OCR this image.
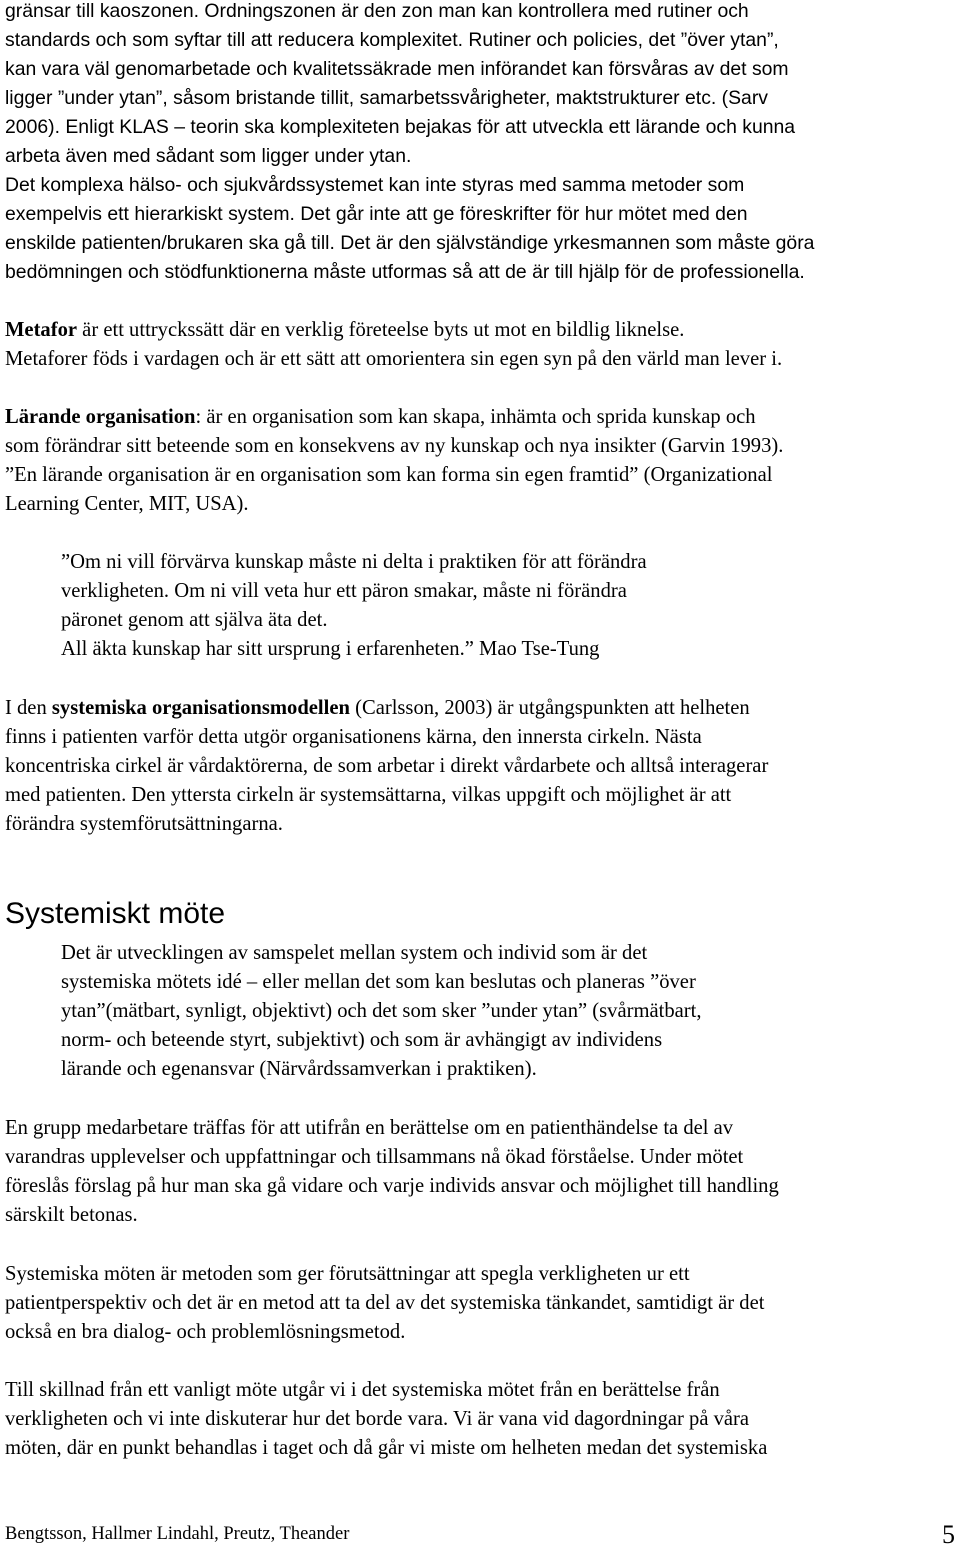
gränsar till kaoszonen. Ordningszonen är den zon man kan kontrollera med rutiner och
standards och som syftar till att reducera komplexitet. Rutiner och policies, det ”över ytan”,
kan vara väl genomarbetade och kvalitetssäkrade men införandet kan försvåras av det som
ligger ”under ytan”, såsom bristande tillit, samarbetssvårigheter, maktstrukturer etc. (Sarv
2006). Enligt KLAS – teorin ska komplexiteten bejakas för att utveckla ett lärande och kunna
arbeta även med sådant som ligger under ytan.
Det komplexa hälso- och sjukvårdssystemet kan inte styras med samma metoder som
exempelvis ett hierarkiskt system. Det går inte att ge föreskrifter för hur mötet med den
enskilde patienten/brukaren ska gå till. Det är den självständige yrkesmannen som måste göra
bedömningen och stödfunktionerna måste utformas så att de är till hjälp för de professionella.
Metafor är ett uttryckssätt där en verklig företeelse byts ut mot en bildlig liknelse.
Metaforer föds i vardagen och är ett sätt att omorientera sin egen syn på den värld man lever i.
Lärande organisation: är en organisation som kan skapa, inhämta och sprida kunskap och
som förändrar sitt beteende som en konsekvens av ny kunskap och nya insikter (Garvin 1993).
”En lärande organisation är en organisation som kan forma sin egen framtid” (Organizational
Learning Center, MIT, USA).
”Om ni vill förvärva kunskap måste ni delta i praktiken för att förändra
verkligheten. Om ni vill veta hur ett päron smakar, måste ni förändra
päronet genom att själva äta det.
All äkta kunskap har sitt ursprung i erfarenheten.” Mao Tse-Tung
I den systemiska organisationsmodellen (Carlsson, 2003) är utgångspunkten att helheten
finns i patienten varför detta utgör organisationens kärna, den innersta cirkeln. Nästa
koncentriska cirkel är vårdaktörerna, de som arbetar i direkt vårdarbete och alltså interagerar
med patienten. Den yttersta cirkeln är systemsättarna, vilkas uppgift och möjlighet är att
förändra systemförutsättningarna.
Systemiskt möte
Det är utvecklingen av samspelet mellan system och individ som är det
systemiska mötets idé – eller mellan det som kan beslutas och planeras ”över
ytan”(mätbart, synligt, objektivt) och det som sker ”under ytan” (svårmätbart,
norm- och beteende styrt, subjektivt) och som är avhängigt av individens
lärande och egenansvar (Närvårdssamverkan i praktiken).
En grupp medarbetare träffas för att utifrån en berättelse om en patienthändelse ta del av
varandras upplevelser och uppfattningar och tillsammans nå ökad förståelse. Under mötet
föreslås förslag på hur man ska gå vidare och varje individs ansvar och möjlighet till handling
särskilt betonas.
Systemiska möten är metoden som ger förutsättningar att spegla verkligheten ur ett
patientperspektiv och det är en metod att ta del av det systemiska tänkandet, samtidigt är det
också en bra dialog- och problemlösningsmetod.
Till skillnad från ett vanligt möte utgår vi i det systemiska mötet från en berättelse från
verkligheten och vi inte diskuterar hur det borde vara. Vi är vana vid dagordningar på våra
möten, där en punkt behandlas i taget och då går vi miste om helheten medan det systemiska

Bengtsson, Hallmer Lindahl, Preutz, Theander	5
